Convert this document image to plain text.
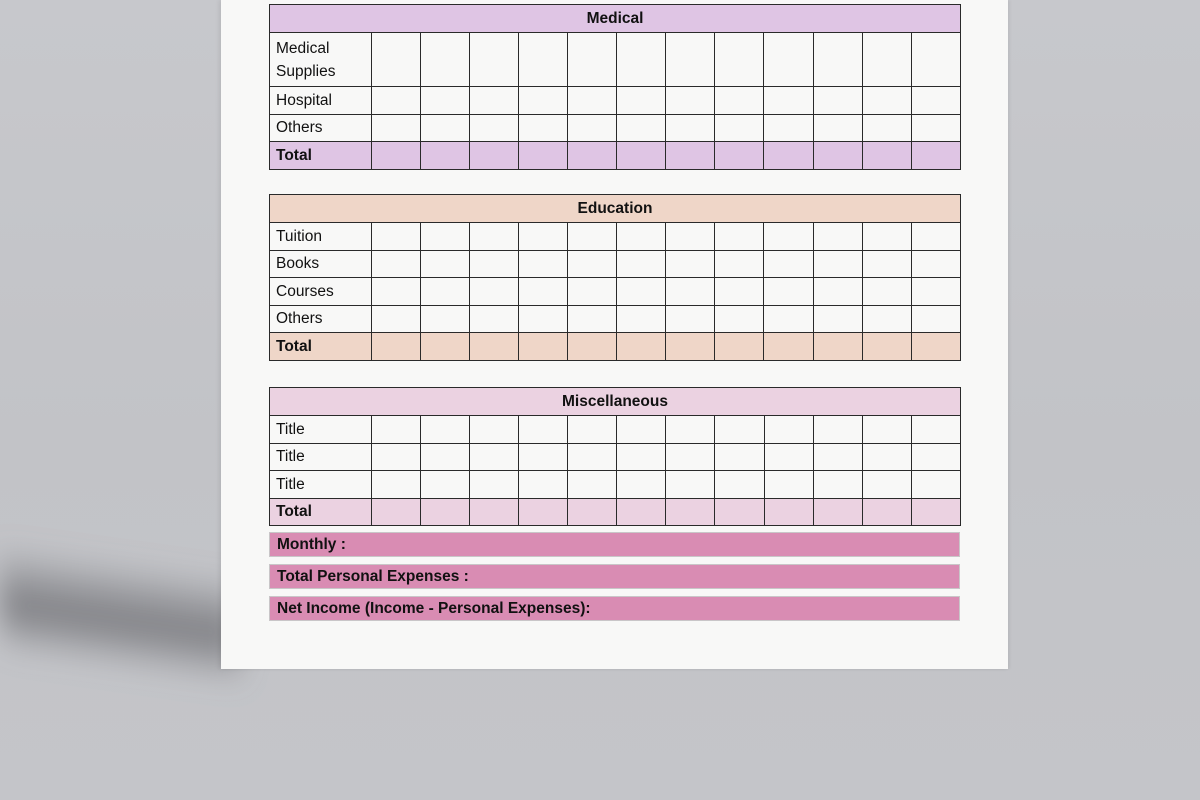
Medical												
Medical Supplies												
Hospital												
Others												
Total												
Education												
Tuition												
Books												
Courses												
Others												
Total												
Miscellaneous												
Title												
Title												
Title												
Total												
Monthly :
Total Personal Expenses :
Net Income (Income - Personal Expenses):
